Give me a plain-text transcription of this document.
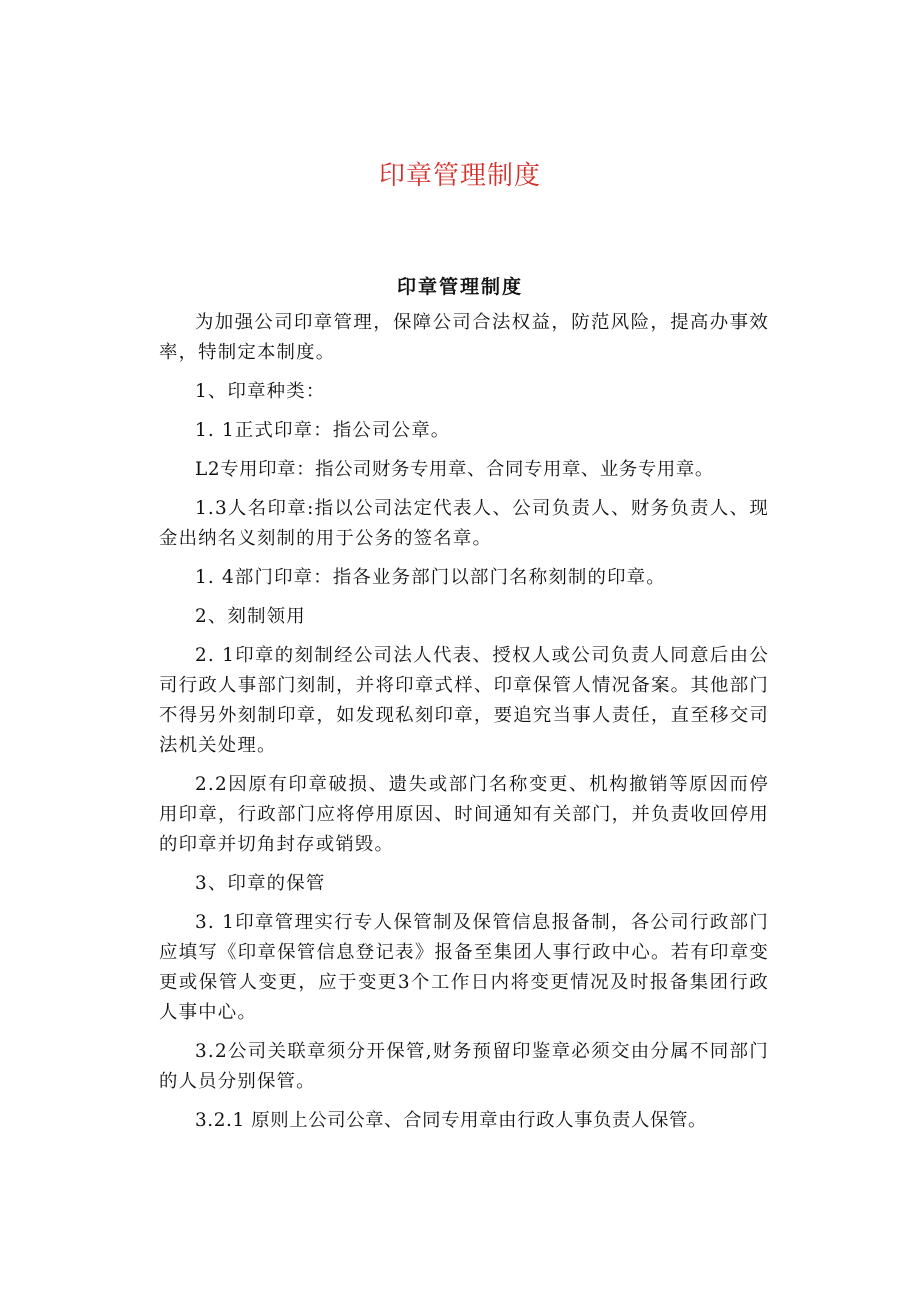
印章管理制度
印章管理制度

为加强公司印章管理，保障公司合法权益，防范风险，提高办事效率，特制定本制度。

1、印章种类：

1. 1正式印章：指公司公章。

L2专用印章：指公司财务专用章、合同专用章、业务专用章。

1.3人名印章:指以公司法定代表人、公司负责人、财务负责人、现金出纳名义刻制的用于公务的签名章。

1. 4部门印章：指各业务部门以部门名称刻制的印章。

2、刻制领用

2. 1印章的刻制经公司法人代表、授权人或公司负责人同意后由公司行政人事部门刻制，并将印章式样、印章保管人情况备案。其他部门不得另外刻制印章，如发现私刻印章，要追究当事人责任，直至移交司法机关处理。

2.2因原有印章破损、遗失或部门名称变更、机构撤销等原因而停用印章，行政部门应将停用原因、时间通知有关部门，并负责收回停用的印章并切角封存或销毁。

3、印章的保管

3. 1印章管理实行专人保管制及保管信息报备制，各公司行政部门应填写《印章保管信息登记表》报备至集团人事行政中心。若有印章变更或保管人变更，应于变更3个工作日内将变更情况及时报备集团行政人事中心。

3.2公司关联章须分开保管,财务预留印鉴章必须交由分属不同部门的人员分别保管。

3.2.1 原则上公司公章、合同专用章由行政人事负责人保管。
